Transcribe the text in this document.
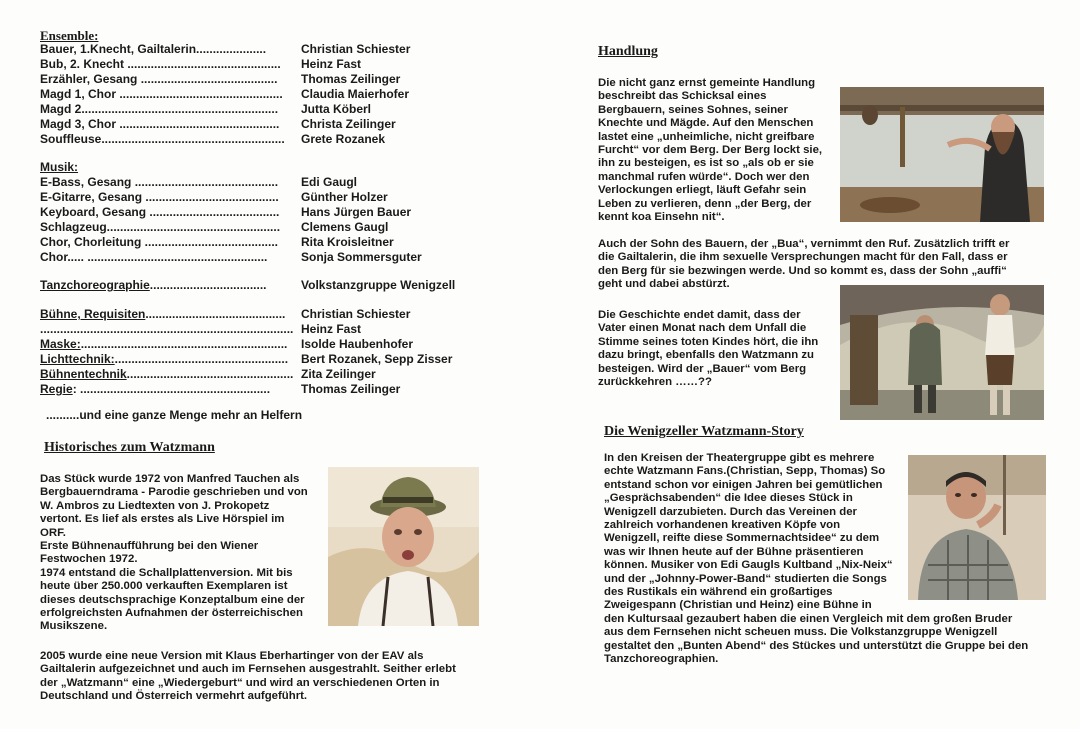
Ensemble:
Bauer, 1.Knecht, Gailtalerin.....................	Christian Schiester
Bub, 2. Knecht .............................................. Heinz Fast
Erzähler, Gesang ......................................... Thomas Zeilinger
Magd 1, Chor ................................................. Claudia Maierhofer
Magd 2........................................................... Jutta Köberl
Magd 3, Chor ................................................ Christa Zeilinger
Souffleuse....................................................... Grete Rozanek
Musik:
E-Bass, Gesang ........................................... Edi Gaugl
E-Gitarre, Gesang ........................................ Günther Holzer
Keyboard, Gesang ....................................... Hans Jürgen Bauer
Schlagzeug.................................................... Clemens Gaugl
Chor, Chorleitung ........................................ Rita Kroisleitner
Chor..... ......................................................	Sonja Sommersguter
Tanzchoreographie...................................	Volkstanzgruppe Wenigzell
Bühne, Requisiten.......................................... Christian Schiester
............................................................................ Heinz Fast
Maske:.............................................................. Isolde Haubenhofer
Lichttechnik:.................................................... Bert Rozanek, Sepp Zisser
Bühnentechnik.................................................. Zita Zeilinger
Regie: .........................................................	Thomas Zeilinger
..........und eine ganze Menge mehr an Helfern
Historisches zum Watzmann
Das Stück wurde 1972 von Manfred Tauchen als
Bergbauerndrama - Parodie geschrieben und von
W. Ambros zu Liedtexten von J. Prokopetz
vertont. Es lief als erstes als Live Hörspiel im
ORF.
Erste Bühnenaufführung bei den Wiener
Festwochen 1972.
1974 entstand die Schallplattenversion. Mit bis
heute über 250.000 verkauften Exemplaren ist
dieses deutschsprachige Konzeptalbum eine der
erfolgreichsten Aufnahmen der österreichischen
Musikszene.
2005 wurde eine neue Version mit Klaus Eberhartinger von der EAV als
Gailtalerin aufgezeichnet und auch im Fernsehen ausgestrahlt. Seither erlebt
der „Watzmann“ eine „Wiedergeburt“ und wird an verschiedenen Orten in
Deutschland und Österreich vermehrt aufgeführt.
Handlung
Die nicht ganz ernst gemeinte Handlung
beschreibt das Schicksal eines
Bergbauern, seines Sohnes, seiner
Knechte und Mägde. Auf den Menschen
lastet eine „unheimliche, nicht greifbare
Furcht“ vor dem Berg. Der Berg lockt sie,
ihn zu besteigen, es ist so „als ob er sie
manchmal rufen würde“. Doch wer den
Verlockungen erliegt, läuft Gefahr sein
Leben zu verlieren, denn „der Berg, der
kennt koa Einsehn nit“.
Auch der Sohn des Bauern, der „Bua“, vernimmt den Ruf. Zusätzlich trifft er
die Gailtalerin, die ihm sexuelle Versprechungen macht für den Fall, dass er
den Berg für sie bezwingen werde. Und so kommt es, dass der Sohn „auffi“
geht und dabei abstürzt.
Die Geschichte endet damit, dass der
Vater einen Monat nach dem Unfall die
Stimme seines toten Kindes hört, die ihn
dazu bringt, ebenfalls den Watzmann zu
besteigen. Wird der „Bauer“ vom Berg
zurückkehren ……??
Die Wenigzeller Watzmann-Story
In den Kreisen der Theatergruppe gibt es mehrere
echte Watzmann Fans.(Christian, Sepp, Thomas) So
entstand schon vor einigen Jahren bei gemütlichen
„Gesprächsabenden“ die Idee dieses Stück in
Wenigzell darzubieten. Durch das Vereinen der
zahlreich vorhandenen kreativen Köpfe von
Wenigzell, reifte diese Sommernachtsidee“ zu dem
was wir Ihnen heute auf der Bühne präsentieren
können. Musiker von Edi Gaugls Kultband „Nix-Neix“
und der „Johnny-Power-Band“ studierten die Songs
des Rustikals ein während ein großartiges
Zweigespann (Christian und Heinz) eine Bühne in
den Kultursaal gezaubert haben die einen Vergleich mit dem großen Bruder
aus dem Fernsehen nicht scheuen muss. Die Volkstanzgruppe Wenigzell
gestaltet den „Bunten Abend“ des Stückes und unterstützt die Gruppe bei den
Tanzchoreographien.
